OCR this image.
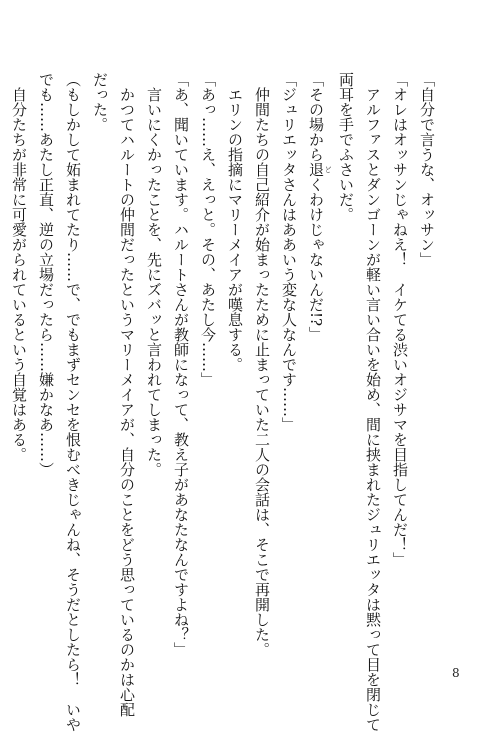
「自分で言うな、オッサン」
「オレはオッサンじゃねえ！　イケてる渋いオジサマを目指してんだ！」
アルファスとダンゴーンが軽い言い合いを始め、間に挟まれたジュリエッタは黙って目を閉じて
両耳を手でふさいだ。
「その場から退 どくわけじゃないんだ!?」
「ジュリエッタさんはああいう変な人なんです……」
仲間たちの自己紹介が始まったために止まっていた二人の会話は、そこで再開した。
エリンの指摘にマリーメイアが嘆息する。
「あっ……え、えっと。その、あたし今……」
「あ、聞いています。ハルートさんが教師になって、教え子があなたなんですよね？」
言いにくかったことを、先にズバッと言われてしまった。
かつてハルートの仲間だったというマリーメイアが、自分のことをどう思っているのかは心配
だった。
（もしかして妬まれてたり……で、でもまずセンセを恨むべきじゃんね、そうだとしたら！　いや
でも……あたし正直、逆の立場だったら……嫌かなあ……）
自分たちが非常に可愛がられているという自覚はある。
8
